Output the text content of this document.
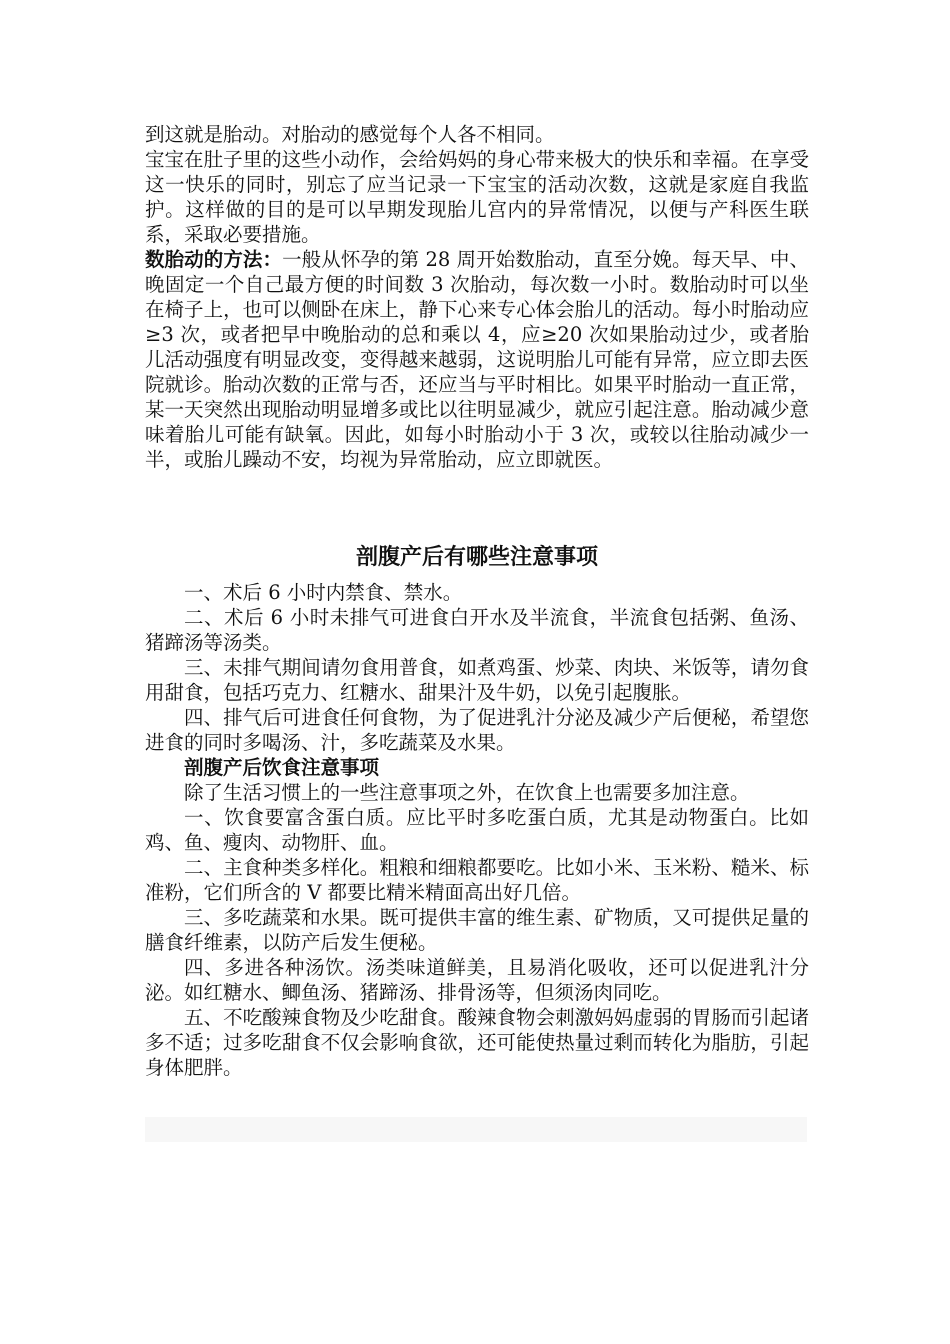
到这就是胎动。对胎动的感觉每个人各不相同。

宝宝在肚子里的这些小动作，会给妈妈的身心带来极大的快乐和幸福。在享受这一快乐的同时，别忘了应当记录一下宝宝的活动次数，这就是家庭自我监护。这样做的目的是可以早期发现胎儿宫内的异常情况，以便与产科医生联系，采取必要措施。

数胎动的方法：一般从怀孕的第 28 周开始数胎动，直至分娩。每天早、中、晚固定一个自己最方便的时间数 3 次胎动，每次数一小时。数胎动时可以坐在椅子上，也可以侧卧在床上，静下心来专心体会胎儿的活动。每小时胎动应≥3 次，或者把早中晚胎动的总和乘以 4，应≥20 次如果胎动过少，或者胎儿活动强度有明显改变，变得越来越弱，这说明胎儿可能有异常，应立即去医院就诊。胎动次数的正常与否，还应当与平时相比。如果平时胎动一直正常，某一天突然出现胎动明显增多或比以往明显减少，就应引起注意。胎动减少意味着胎儿可能有缺氧。因此，如每小时胎动小于 3 次，或较以往胎动减少一半，或胎儿躁动不安，均视为异常胎动，应立即就医。

剖腹产后有哪些注意事项

一、术后 6 小时内禁食、禁水。

二、术后 6 小时未排气可进食白开水及半流食，半流食包括粥、鱼汤、猪蹄汤等汤类。

三、未排气期间请勿食用普食，如煮鸡蛋、炒菜、肉块、米饭等，请勿食用甜食，包括巧克力、红糖水、甜果汁及牛奶，以免引起腹胀。

四、排气后可进食任何食物，为了促进乳汁分泌及减少产后便秘，希望您进食的同时多喝汤、汁，多吃蔬菜及水果。

剖腹产后饮食注意事项

除了生活习惯上的一些注意事项之外，在饮食上也需要多加注意。

一、饮食要富含蛋白质。应比平时多吃蛋白质，尤其是动物蛋白。比如鸡、鱼、瘦肉、动物肝、血。

二、主食种类多样化。粗粮和细粮都要吃。比如小米、玉米粉、糙米、标准粉，它们所含的 V 都要比精米精面高出好几倍。

三、多吃蔬菜和水果。既可提供丰富的维生素、矿物质，又可提供足量的膳食纤维素，以防产后发生便秘。

四、多进各种汤饮。汤类味道鲜美，且易消化吸收，还可以促进乳汁分泌。如红糖水、鲫鱼汤、猪蹄汤、排骨汤等，但须汤肉同吃。

五、不吃酸辣食物及少吃甜食。酸辣食物会刺激妈妈虚弱的胃肠而引起诸多不适；过多吃甜食不仅会影响食欲，还可能使热量过剩而转化为脂肪，引起身体肥胖。
